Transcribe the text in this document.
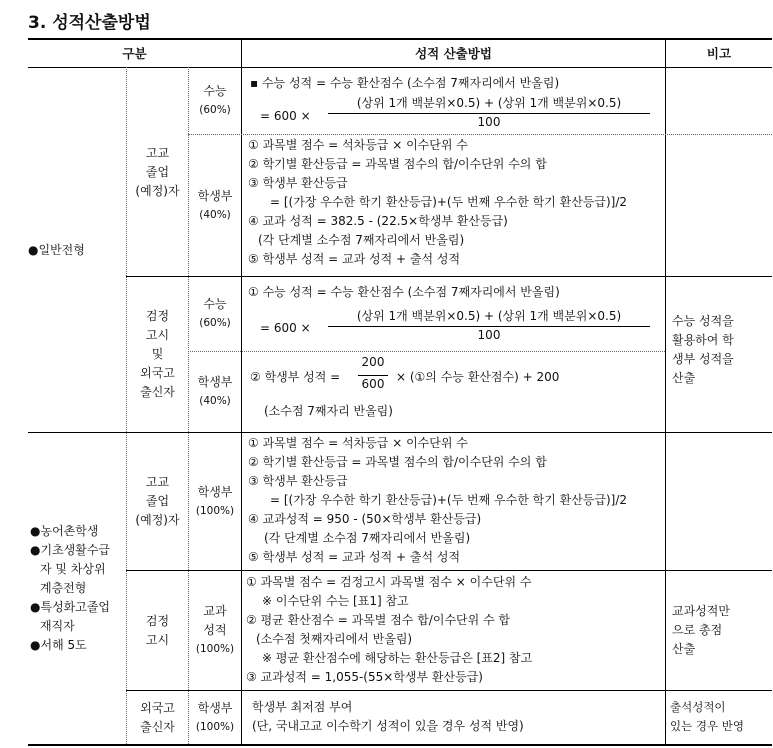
3. 성적산출방법
구분	성적 산출방법	비고
●일반전형
고교
졸업
(예정)자
수능
(60%)
▪ 수능 성적 = 수능 환산점수 (소수점 7째자리에서 반올림)
= 600 ×
(상위 1개 백분위×0.5) + (상위 1개 백분위×0.5)
100
학생부
(40%)
① 과목별 점수 = 석차등급 × 이수단위 수
② 학기별 환산등급 = 과목별 점수의 합/이수단위 수의 합
③ 학생부 환산등급
= [(가장 우수한 학기 환산등급)+(두 번째 우수한 학기 환산등급)]/2
④ 교과 성적 = 382.5 - (22.5×학생부 환산등급)
(각 단계별 소수점 7째자리에서 반올림)
⑤ 학생부 성적 = 교과 성적 + 출석 성적
검정
고시
및
외국고
출신자
수능
(60%)
① 수능 성적 = 수능 환산점수 (소수점 7째자리에서 반올림)
= 600 ×
(상위 1개 백분위×0.5) + (상위 1개 백분위×0.5)
100
학생부
(40%)
② 학생부 성적 =
200
600 × (①의 수능 환산점수) + 200
(소수점 7째자리 반올림)
수능 성적을
활용하여 학
생부 성적을
산출
●농어촌학생
●기초생활수급
자 및 차상위
계층전형
●특성화고졸업
재직자
●서해 5도
고교
졸업
(예정)자
학생부
(100%)
① 과목별 점수 = 석차등급 × 이수단위 수
② 학기별 환산등급 = 과목별 점수의 합/이수단위 수의 합
③ 학생부 환산등급
= [(가장 우수한 학기 환산등급)+(두 번째 우수한 학기 환산등급)]/2
④ 교과성적 = 950 - (50×학생부 환산등급)
(각 단계별 소수점 7째자리에서 반올림)
⑤ 학생부 성적 = 교과 성적 + 출석 성적
검정
고시
교과
성적
(100%)
① 과목별 점수 = 검정고시 과목별 점수 × 이수단위 수
※ 이수단위 수는 [표1] 참고
② 평균 환산점수 = 과목별 점수 합/이수단위 수 합
(소수점 첫째자리에서 반올림)
※ 평균 환산점수에 해당하는 환산등급은 [표2] 참고
③ 교과성적 = 1,055-(55×학생부 환산등급)
교과성적만
으로 총점
산출
외국고
출신자
학생부
(100%)
학생부 최저점 부여
(단, 국내고교 이수학기 성적이 있을 경우 성적 반영)
출석성적이
있는 경우 반영
